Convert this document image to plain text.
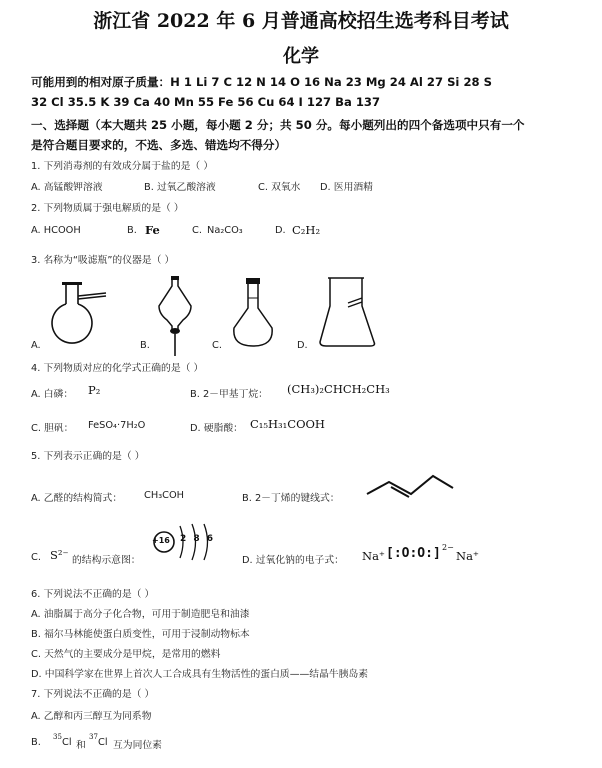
浙江省 2022 年 6 月普通高校招生选考科目考试
化学
可能用到的相对原子质量：H 1 Li 7 C 12 N 14 O 16 Na 23 Mg 24 Al 27 Si 28 S
32 Cl 35.5 K 39 Ca 40 Mn 55 Fe 56 Cu 64 I 127 Ba 137
一、选择题（本大题共 25 小题，每小题 2 分；共 50 分。每小题列出的四个备选项中只有一个
是符合题目要求的，不选、多选、错选均不得分）
1. 下列消毒剂的有效成分属于盐的是（ ）
A. 高锰酸钾溶液	B. 过氧乙酸溶液	C. 双氧水 D. 医用酒精
2. 下列物质属于强电解质的是（ ）
A. HCOOH	B. Fe	C. Na₂CO₃	D. C₂H₂
3. 名称为“吸滤瓶”的仪器是（ ）
A.	B.	C.	D.
4. 下列物质对应的化学式正确的是（ ）
A. 白磷： P₂	B. 2－甲基丁烷： (CH₃)₂CHCH₂CH₃
C. 胆矾： FeSO₄·7H₂O	D. 硬脂酸： C₁₅H₃₁COOH
5. 下列表示正确的是（ ）
A. 乙醛的结构简式： CH₃COH	B. 2－丁烯的键线式：
C. S²⁻ 的结构示意图：
+16 2 8 6
D. 过氧化钠的电子式： Na⁺ [:O:O:] 2−
Na⁺
6. 下列说法不正确的是（ ）
A. 油脂属于高分子化合物，可用于制造肥皂和油漆
B. 福尔马林能使蛋白质变性，可用于浸制动物标本
C. 天然气的主要成分是甲烷，是常用的燃料
D. 中国科学家在世界上首次人工合成具有生物活性的蛋白质——结晶牛胰岛素
7. 下列说法不正确的是（ ）
A. 乙醇和丙三醇互为同系物
B. 35 Cl 和
37 Cl 互为同位素
